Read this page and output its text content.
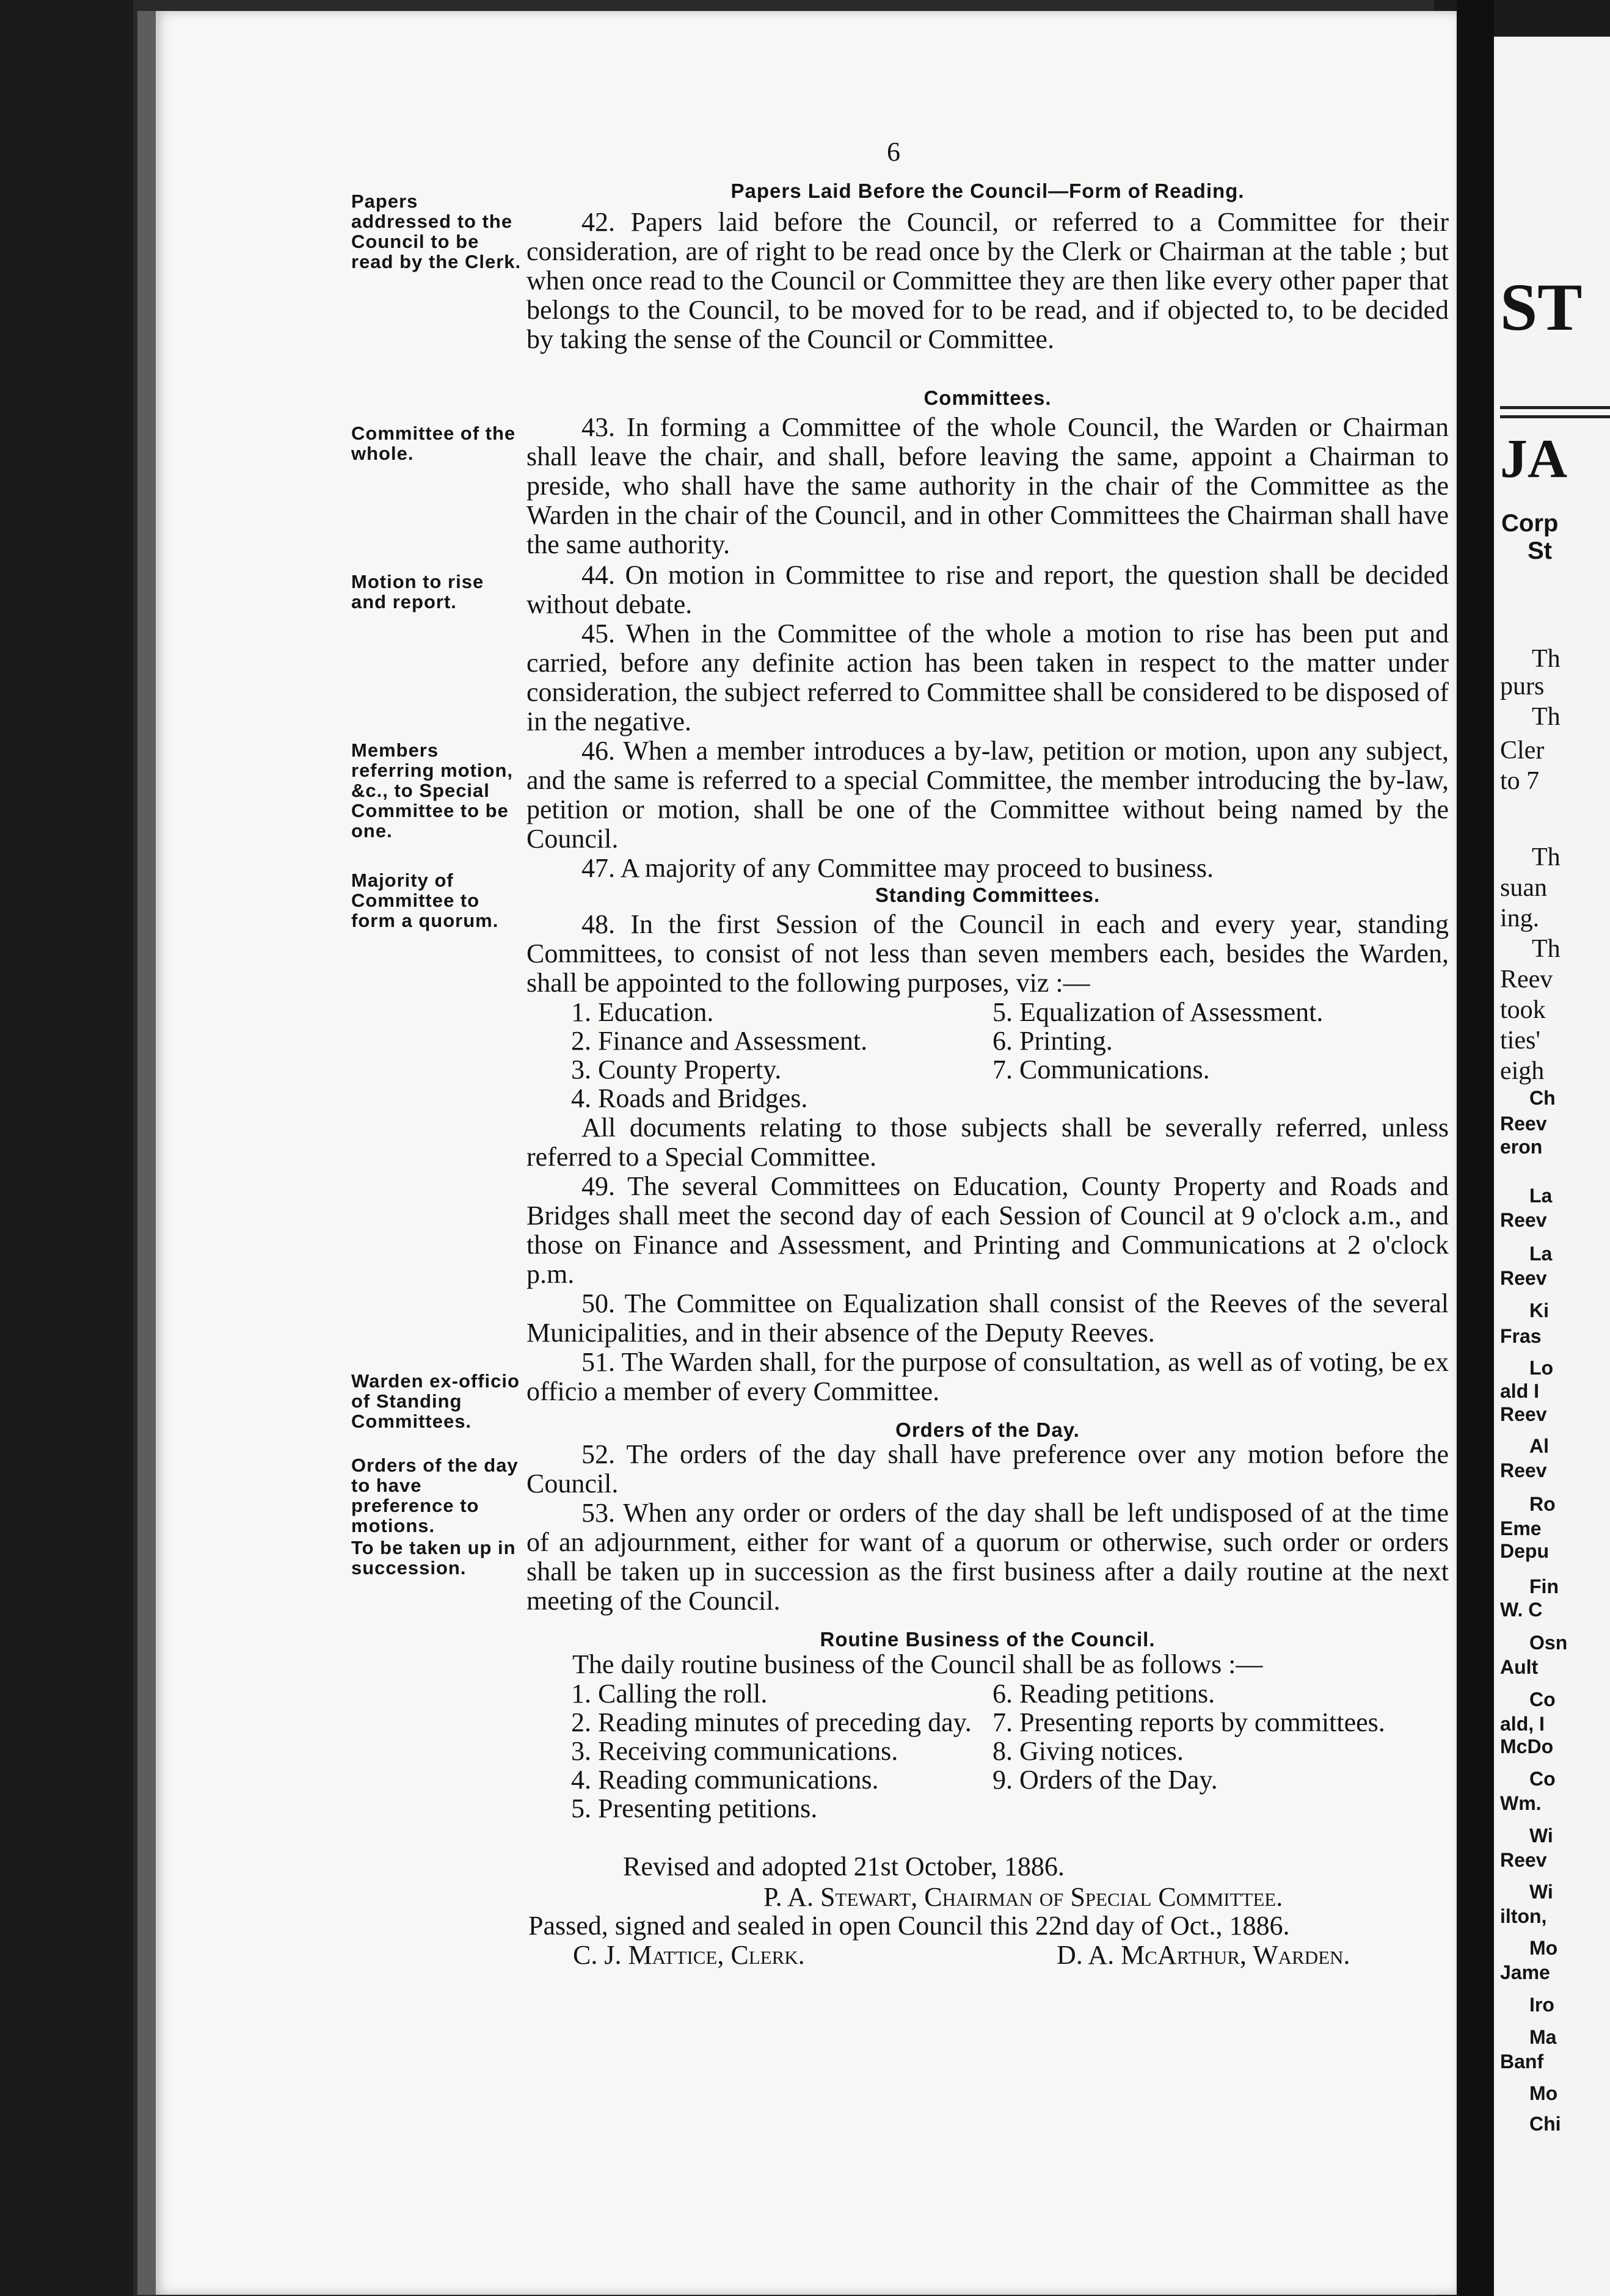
6
Papers addressed to the Council to be read by the Clerk.
Committee of the whole.
Motion to rise and report.
Members referring motion, &c., to Special Committee to be one.
Majority of Committee to form a quorum.
Warden ex-officio of Standing Committees.
Orders of the day to have preference to motions.
To be taken up in succession.
Papers Laid Before the Council—Form of Reading.
Committees.
Standing Committees.
Orders of the Day.
Routine Business of the Council.
42. Papers laid before the Council, or referred to a Committee for their consideration, are of right to be read once by the Clerk or Chairman at the table ; but when once read to the Council or Committee they are then like every other paper that belongs to the Council, to be moved for to be read, and if objected to, to be decided by taking the sense of the Council or Committee.
43. In forming a Committee of the whole Council, the Warden or Chairman shall leave the chair, and shall, before leaving the same, appoint a Chairman to preside, who shall have the same authority in the chair of the Committee as the Warden in the chair of the Council, and in other Committees the Chairman shall have the same authority.
44. On motion in Committee to rise and report, the question shall be decided without debate.
45. When in the Committee of the whole a motion to rise has been put and carried, before any definite action has been taken in respect to the matter under consideration, the subject referred to Committee shall be considered to be disposed of in the negative.
46. When a member introduces a by-law, petition or motion, upon any subject, and the same is referred to a special Committee, the member introducing the by-law, petition or motion, shall be one of the Committee without being named by the Council.
47. A majority of any Committee may proceed to business.
48. In the first Session of the Council in each and every year, standing Committees, to consist of not less than seven members each, besides the Warden, shall be appointed to the following purposes, viz :—
1. Education.
2. Finance and Assessment.
3. County Property.
4. Roads and Bridges.
5. Equalization of Assessment.
6. Printing.
7. Communications.
All documents relating to those subjects shall be severally referred, unless referred to a Special Committee.
49. The several Committees on Education, County Property and Roads and Bridges shall meet the second day of each Session of Council at 9 o'clock a.m., and those on Finance and Assessment, and Printing and Communications at 2 o'clock p.m.
50. The Committee on Equalization shall consist of the Reeves of the several Municipalities, and in their absence of the Deputy Reeves.
51. The Warden shall, for the purpose of consultation, as well as of voting, be ex officio a member of every Committee.
52. The orders of the day shall have preference over any motion before the Council.
53. When any order or orders of the day shall be left undisposed of at the time of an adjournment, either for want of a quorum or otherwise, such order or orders shall be taken up in succession as the first business after a daily routine at the next meeting of the Council.
The daily routine business of the Council shall be as follows :—
1. Calling the roll.
2. Reading minutes of preceding day.
3. Receiving communications.
4. Reading communications.
5. Presenting petitions.
6. Reading petitions.
7. Presenting reports by committees.
8. Giving notices.
9. Orders of the Day.
Revised and adopted 21st October, 1886.
P. A. Stewart, Chairman of Special Committee.
Passed, signed and sealed in open Council this 22nd day of Oct., 1886.
C. J. Mattice, Clerk.	D. A. McArthur, Warden.
ST
JA
Corp
St
Th
purs
Th
Cler
to 7
Th
suan
ing.
Th
Reev
took
ties'
eigh
Ch
Reev
eron
La
Reev
La
Reev
Ki
Fras
Lo
ald I
Reev
Al
Reev
Ro
Eme
Depu
Fin
W. C
Osn
Ault
Co
ald, I
McDo
Co
Wm.
Wi
Reev
Wi
ilton,
Mo
Jame
Iro
Ma
Banf
Mo
Chi
